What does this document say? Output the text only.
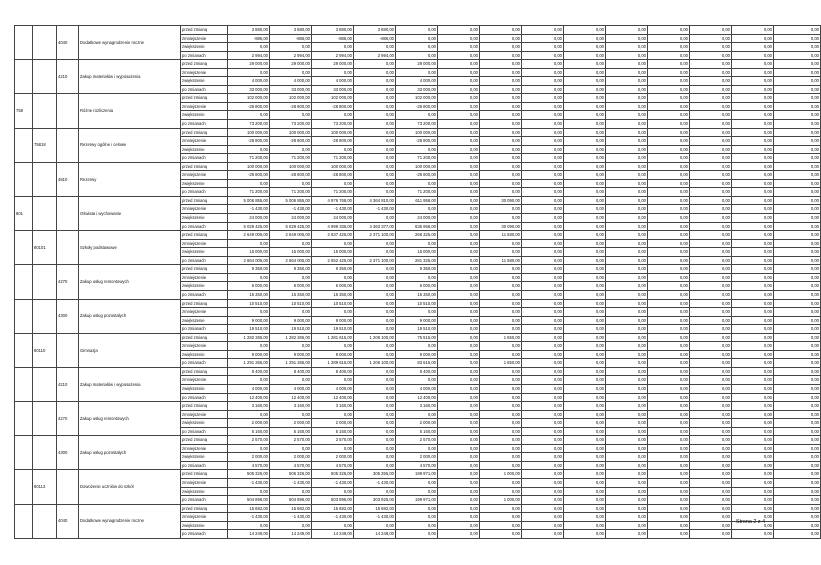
		4040	Dodatkowe wynagrodzenie roczne	przed zmianą	3 880,00	3 880,00	3 880,00	3 880,00	0,00	0,00	0,00	0,00	0,00	0,00	0,00	0,00	0,00	0,00
				zmniejszenie	-886,00	-886,00	-886,00	-886,00	0,00	0,00	0,00	0,00	0,00	0,00	0,00	0,00	0,00	0,00
				zwiększenie	0,00	0,00	0,00	0,00	0,00	0,00	0,00	0,00	0,00	0,00	0,00	0,00	0,00	0,00
				po zmianach	2 994,00	2 994,00	2 994,00	2 994,00	0,00	0,00	0,00	0,00	0,00	0,00	0,00	0,00	0,00	0,00
		4210	Zakup materiałów i wyposażenia	przed zmianą	29 000,00	29 000,00	29 000,00	0,00	29 000,00	0,00	0,00	0,00	0,00	0,00	0,00	0,00	0,00	0,00
				zmniejszenie	0,00	0,00	0,00	0,00	0,00	0,00	0,00	0,00	0,00	0,00	0,00	0,00	0,00	0,00
				zwiększenie	4 000,00	4 000,00	4 000,00	0,00	4 000,00	0,00	0,00	0,00	0,00	0,00	0,00	0,00	0,00	0,00
				po zmianach	33 000,00	33 000,00	33 000,00	0,00	33 000,00	0,00	0,00	0,00	0,00	0,00	0,00	0,00	0,00	0,00
758			Różne rozliczenia	przed zmianą	102 000,00	102 000,00	102 000,00	0,00	102 000,00	0,00	0,00	0,00	0,00	0,00	0,00	0,00	0,00	0,00
				zmniejszenie	-28 800,00	-28 800,00	-28 800,00	0,00	-28 800,00	0,00	0,00	0,00	0,00	0,00	0,00	0,00	0,00	0,00
				zwiększenie	0,00	0,00	0,00	0,00	0,00	0,00	0,00	0,00	0,00	0,00	0,00	0,00	0,00	0,00
				po zmianach	73 200,00	73 200,00	73 200,00	0,00	73 200,00	0,00	0,00	0,00	0,00	0,00	0,00	0,00	0,00	0,00
	75818		Rezerwy ogólne i celowe	przed zmianą	100 000,00	100 000,00	100 000,00	0,00	100 000,00	0,00	0,00	0,00	0,00	0,00	0,00	0,00	0,00	0,00
				zmniejszenie	-28 800,00	-28 800,00	-28 800,00	0,00	-28 800,00	0,00	0,00	0,00	0,00	0,00	0,00	0,00	0,00	0,00
				zwiększenie	0,00	0,00	0,00	0,00	0,00	0,00	0,00	0,00	0,00	0,00	0,00	0,00	0,00	0,00
				po zmianach	71 200,00	71 200,00	71 200,00	0,00	71 200,00	0,00	0,00	0,00	0,00	0,00	0,00	0,00	0,00	0,00
		4810	Rezerwy	przed zmianą	100 000,00	100 000,00	100 000,00	0,00	100 000,00	0,00	0,00	0,00	0,00	0,00	0,00	0,00	0,00	0,00
				zmniejszenie	-28 800,00	-28 800,00	-28 800,00	0,00	-28 800,00	0,00	0,00	0,00	0,00	0,00	0,00	0,00	0,00	0,00
				zwiększenie	0,00	0,00	0,00	0,00	0,00	0,00	0,00	0,00	0,00	0,00	0,00	0,00	0,00	0,00
				po zmianach	71 200,00	71 200,00	71 200,00	0,00	71 200,00	0,00	0,00	0,00	0,00	0,00	0,00	0,00	0,00	0,00
801			Oświata i wychowanie	przed zmianą	5 006 855,00	5 006 855,00	4 976 768,00	4 364 810,00	611 958,00	0,00	30 090,00	0,00	0,00	0,00	0,00	0,00	0,00	0,00
				zmniejszenie	-1 430,00	-1 430,00	-1 430,00	-1 430,00	0,00	0,00	0,00	0,00	0,00	0,00	0,00	0,00	0,00	0,00
				zwiększenie	24 000,00	24 000,00	24 000,00	0,00	24 000,00	0,00	0,00	0,00	0,00	0,00	0,00	0,00	0,00	0,00
				po zmianach	5 029 425,00	5 029 425,00	4 999 335,00	4 363 377,00	635 958,00	0,00	30 090,00	0,00	0,00	0,00	0,00	0,00	0,00	0,00
	80101		Szkoły podstawowe	przed zmianą	2 649 005,00	2 649 005,00	2 637 425,00	2 371 100,00	266 325,00	0,00	11 580,00	0,00	0,00	0,00	0,00	0,00	0,00	0,00
				zmniejszenie	0,00	0,00	0,00	0,00	0,00	0,00	0,00	0,00	0,00	0,00	0,00	0,00	0,00	0,00
				zwiększenie	15 000,00	15 000,00	15 000,00	0,00	15 000,00	0,00	0,00	0,00	0,00	0,00	0,00	0,00	0,00	0,00
				po zmianach	2 664 005,00	2 664 005,00	2 652 425,00	2 371 100,00	281 325,00	0,00	11 580,00	0,00	0,00	0,00	0,00	0,00	0,00	0,00
		4270	Zakup usług remontowych	przed zmianą	9 350,00	9 350,00	9 350,00	0,00	9 350,00	0,00	0,00	0,00	0,00	0,00	0,00	0,00	0,00	0,00
				zmniejszenie	0,00	0,00	0,00	0,00	0,00	0,00	0,00	0,00	0,00	0,00	0,00	0,00	0,00	0,00
				zwiększenie	6 000,00	6 000,00	6 000,00	0,00	6 000,00	0,00	0,00	0,00	0,00	0,00	0,00	0,00	0,00	0,00
				po zmianach	15 350,00	15 350,00	15 350,00	0,00	15 350,00	0,00	0,00	0,00	0,00	0,00	0,00	0,00	0,00	0,00
		4300	Zakup usług pozostałych	przed zmianą	10 510,00	10 510,00	10 510,00	0,00	10 510,00	0,00	0,00	0,00	0,00	0,00	0,00	0,00	0,00	0,00
				zmniejszenie	0,00	0,00	0,00	0,00	0,00	0,00	0,00	0,00	0,00	0,00	0,00	0,00	0,00	0,00
				zwiększenie	9 000,00	9 000,00	9 000,00	0,00	9 000,00	0,00	0,00	0,00	0,00	0,00	0,00	0,00	0,00	0,00
				po zmianach	19 510,00	19 510,00	19 510,00	0,00	19 510,00	0,00	0,00	0,00	0,00	0,00	0,00	0,00	0,00	0,00
	80110		Gimnazja	przed zmianą	1 282 265,00	1 282 265,00	1 281 615,00	1 206 100,00	75 515,00	0,00	1 650,00	0,00	0,00	0,00	0,00	0,00	0,00	0,00
				zmniejszenie	0,00	0,00	0,00	0,00	0,00	0,00	0,00	0,00	0,00	0,00	0,00	0,00	0,00	0,00
				zwiększenie	9 000,00	9 000,00	9 000,00	0,00	9 000,00	0,00	0,00	0,00	0,00	0,00	0,00	0,00	0,00	0,00
				po zmianach	1 291 265,00	1 291 265,00	1 289 615,00	1 206 100,00	83 515,00	0,00	1 650,00	0,00	0,00	0,00	0,00	0,00	0,00	0,00
		4210	Zakup materiałów i wyposażenia	przed zmianą	8 400,00	8 400,00	8 400,00	0,00	8 400,00	0,00	0,00	0,00	0,00	0,00	0,00	0,00	0,00	0,00
				zmniejszenie	0,00	0,00	0,00	0,00	0,00	0,00	0,00	0,00	0,00	0,00	0,00	0,00	0,00	0,00
				zwiększenie	4 000,00	4 000,00	4 000,00	0,00	4 000,00	0,00	0,00	0,00	0,00	0,00	0,00	0,00	0,00	0,00
				po zmianach	12 400,00	12 400,00	12 400,00	0,00	12 400,00	0,00	0,00	0,00	0,00	0,00	0,00	0,00	0,00	0,00
		4270	Zakup usług remontowych	przed zmianą	3 160,00	3 160,00	3 160,00	0,00	3 160,00	0,00	0,00	0,00	0,00	0,00	0,00	0,00	0,00	0,00
				zmniejszenie	0,00	0,00	0,00	0,00	0,00	0,00	0,00	0,00	0,00	0,00	0,00	0,00	0,00	0,00
				zwiększenie	2 000,00	2 000,00	2 000,00	0,00	2 000,00	0,00	0,00	0,00	0,00	0,00	0,00	0,00	0,00	0,00
				po zmianach	5 160,00	5 160,00	5 160,00	0,00	5 160,00	0,00	0,00	0,00	0,00	0,00	0,00	0,00	0,00	0,00
		4300	Zakup usług pozostałych	przed zmianą	2 570,00	2 570,00	2 570,00	0,00	2 570,00	0,00	0,00	0,00	0,00	0,00	0,00	0,00	0,00	0,00
				zmniejszenie	0,00	0,00	0,00	0,00	0,00	0,00	0,00	0,00	0,00	0,00	0,00	0,00	0,00	0,00
				zwiększenie	2 000,00	2 000,00	2 000,00	0,00	2 000,00	0,00	0,00	0,00	0,00	0,00	0,00	0,00	0,00	0,00
				po zmianach	4 570,00	4 570,00	4 570,00	0,00	4 570,00	0,00	0,00	0,00	0,00	0,00	0,00	0,00	0,00	0,00
	80113		Dowożenie uczniów do szkół	przed zmianą	506 326,00	506 326,00	505 326,00	305 355,00	199 971,00	0,00	1 000,00	0,00	0,00	0,00	0,00	0,00	0,00	0,00
				zmniejszenie	-1 430,00	-1 430,00	-1 430,00	-1 430,00	0,00	0,00	0,00	0,00	0,00	0,00	0,00	0,00	0,00	0,00
				zwiększenie	0,00	0,00	0,00	0,00	0,00	0,00	0,00	0,00	0,00	0,00	0,00	0,00	0,00	0,00
				po zmianach	504 896,00	504 896,00	503 896,00	303 925,00	199 971,00	0,00	1 000,00	0,00	0,00	0,00	0,00	0,00	0,00	0,00
		4040	Dodatkowe wynagrodzenie roczne	przed zmianą	15 682,00	15 682,00	15 682,00	15 682,00	0,00	0,00	0,00	0,00	0,00	0,00	0,00	0,00	0,00	0,00
				zmniejszenie	-1 430,00	-1 430,00	-1 430,00	-1 430,00	0,00	0,00	0,00	0,00	0,00	0,00	0,00	0,00	0,00	0,00
				zwiększenie	0,00	0,00	0,00	0,00	0,00	0,00	0,00	0,00	0,00	0,00	0,00	0,00	0,00	0,00
				po zmianach	14 249,00	14 249,00	14 249,00	14 249,00	0,00	0,00	0,00	0,00	0,00	0,00	0,00	0,00	0,00	0,00
Strona 2 z 4
